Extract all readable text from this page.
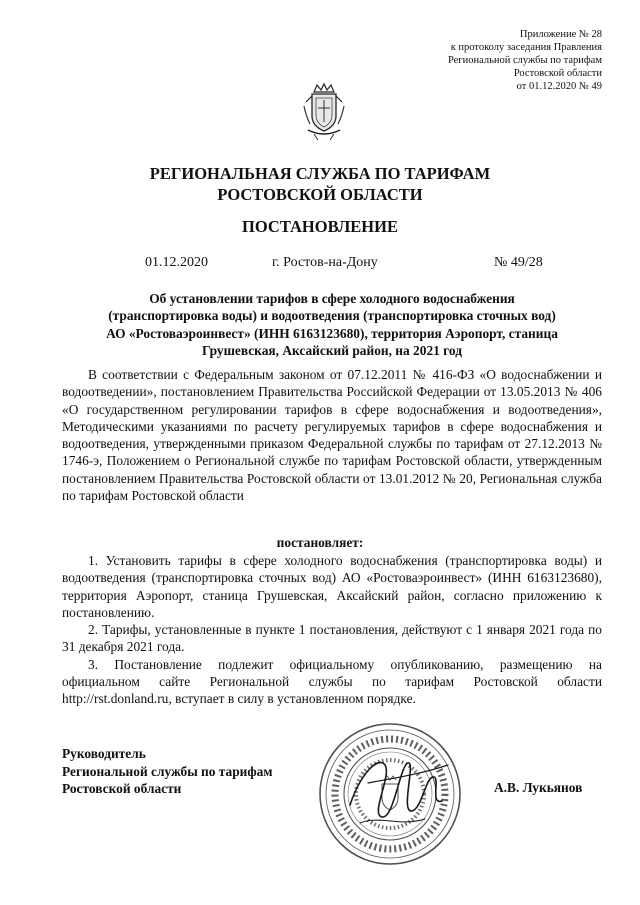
Приложение № 28
к протоколу заседания Правления
Региональной службы по тарифам
Ростовской области
от 01.12.2020 № 49
РЕГИОНАЛЬНАЯ СЛУЖБА ПО ТАРИФАМ
РОСТОВСКОЙ ОБЛАСТИ
ПОСТАНОВЛЕНИЕ
01.12.2020	г. Ростов-на-Дону	№ 49/28
Об установлении тарифов в сфере холодного водоснабжения
(транспортировка воды) и водоотведения (транспортировка сточных вод)
АО «Ростоваэроинвест» (ИНН 6163123680), территория Аэропорт, станица
Грушевская, Аксайский район, на 2021 год

В соответствии с Федеральным законом от 07.12.2011 № 416-ФЗ «О водоснабжении и водоотведении», постановлением Правительства Российской Федерации от 13.05.2013 № 406 «О государственном регулировании тарифов в сфере водоснабжения и водоотведения», Методическими указаниями по расчету регулируемых тарифов в сфере водоснабжения и водоотведения, утвержденными приказом Федеральной службы по тарифам от 27.12.2013 № 1746-э, Положением о Региональной службе по тарифам Ростовской области, утвержденным постановлением Правительства Ростовской области от 13.01.2012 № 20, Региональная служба по тарифам Ростовской области

постановляет:

1. Установить тарифы в сфере холодного водоснабжения (транспортировка воды) и водоотведения (транспортировка сточных вод) АО «Ростоваэроинвест» (ИНН 6163123680), территория Аэропорт, станица Грушевская, Аксайский район, согласно приложению к постановлению.

2. Тарифы, установленные в пункте 1 постановления, действуют с 1 января 2021 года по 31 декабря 2021 года.

3. Постановление подлежит официальному опубликованию, размещению на официальном сайте Региональной службы по тарифам Ростовской области http://rst.donland.ru, вступает в силу в установленном порядке.

Руководитель
Региональной службы по тарифам
Ростовской области	А.В. Лукьянов
